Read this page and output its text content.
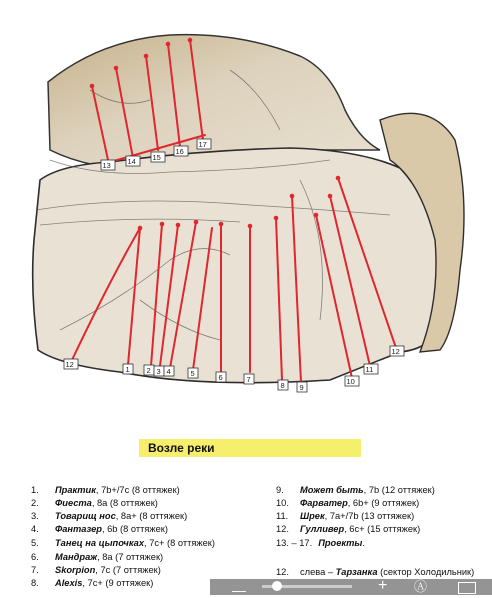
1 2 3 4	5	6	7
8 9
10
11
12
12
13 14 15
16
17
Возле реки
1. Практик, 7b+/7c (8 оттяжек)
2. Фиеста, 8а (8 оттяжек)
3. Товарищ нос, 8а+ (8 оттяжек)
4. Фантазер, 6b (8 оттяжек)
5. Танец на цыпочках, 7c+ (8 оттяжек)
6. Мандраж, 8а (7 оттяжек)
7. Skorpion, 7с (7 оттяжек)
8. Alexis, 7c+ (9 оттяжек)
9. Может быть, 7b (12 оттяжек)
10. Фарватер, 6b+ (9 оттяжек)
11. Шрек, 7а+/7b (13 оттяжек)
12. Гулливер, 6с+ (15 оттяжек)
13. – 17. Проекты.
12. слева – Тарзанка (сектор Холодильник)
—	+ Ⓐ
